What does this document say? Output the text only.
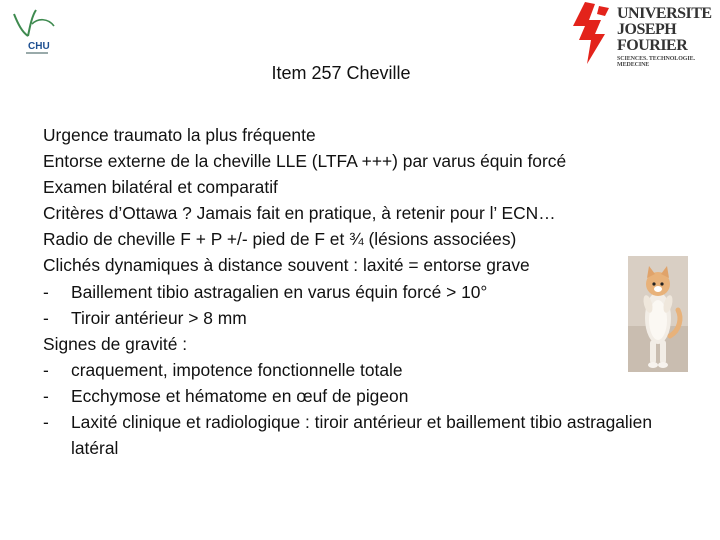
CHU
UNIVERSITE
JOSEPH FOURIER
SCIENCES. TECHNOLOGIE. MEDECINE
Item 257 Cheville
Urgence traumato la plus fréquente
Entorse externe de la cheville LLE (LTFA +++) par varus équin forcé
Examen bilatéral et comparatif
Critères d’Ottawa ? Jamais fait en pratique, à retenir pour l’ ECN…
Radio de cheville F + P +/- pied de F et ¾ (lésions associées)
Clichés dynamiques à distance souvent : laxité = entorse grave
-	Baillement tibio astragalien en varus équin forcé > 10°
-	Tiroir antérieur > 8 mm
Signes de gravité :
-	craquement, impotence fonctionnelle totale
-	Ecchymose et hématome en œuf de pigeon
-	Laxité clinique et radiologique : tiroir antérieur et baillement tibio astragalien latéral
